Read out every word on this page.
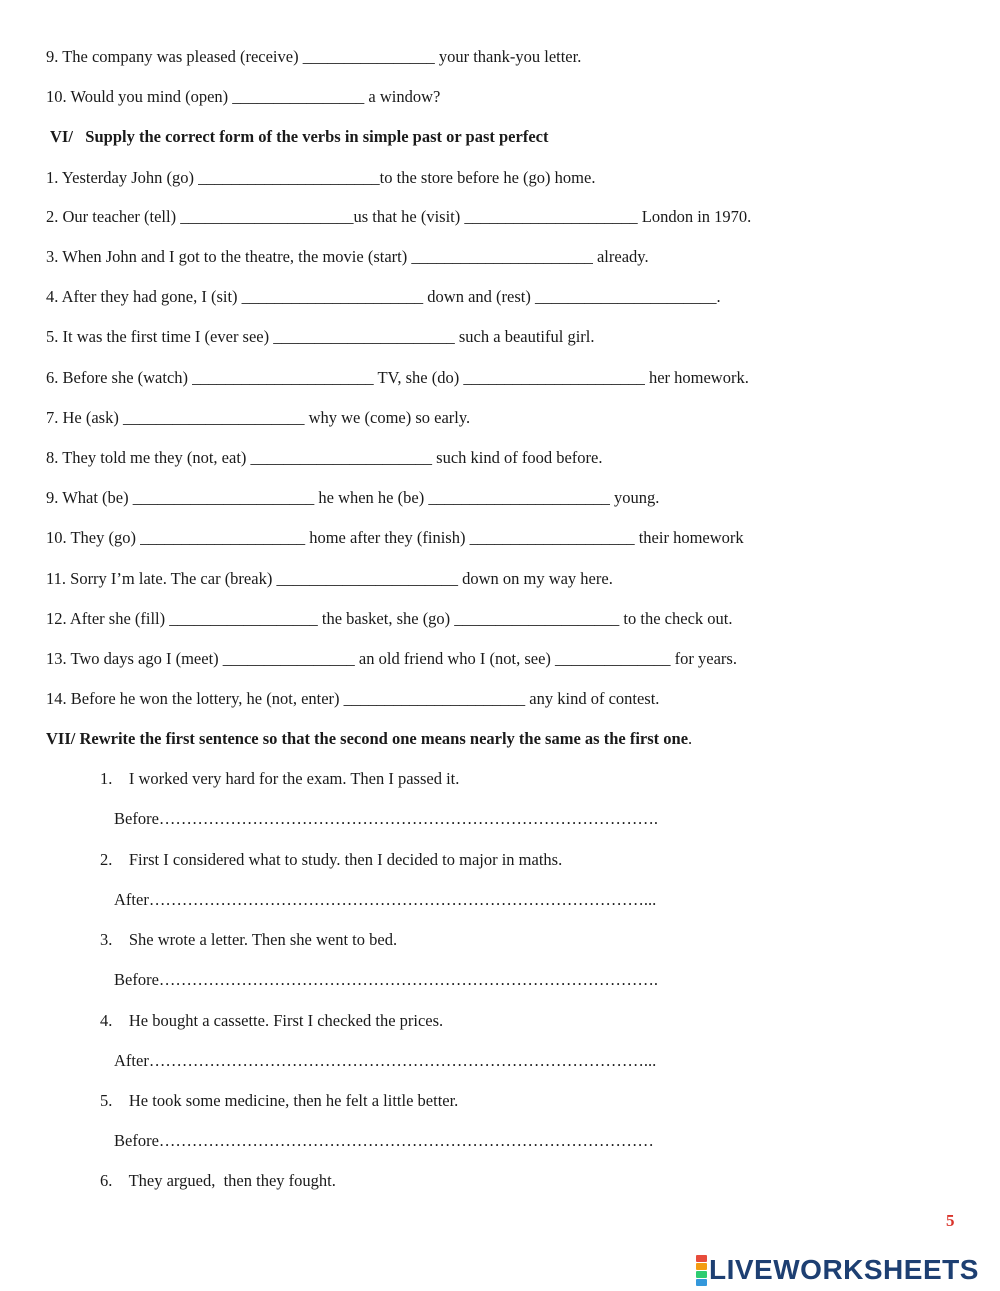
9. The company was pleased (receive) ________________ your thank-you letter.
10. Would you mind (open) ________________ a window?
VI/   Supply the correct form of the verbs in simple past or past perfect
1. Yesterday John (go) ______________________to the store before he (go) home.
2. Our teacher (tell) _____________________us that he (visit) _____________________ London in 1970.
3. When John and I got to the theatre, the movie (start) ______________________ already.
4. After they had gone, I (sit) ______________________ down and (rest) ______________________.
5. It was the first time I (ever see) ______________________ such a beautiful girl.
6. Before she (watch) ______________________ TV, she (do) ______________________ her homework.
7. He (ask) ______________________ why we (come) so early.
8. They told me they (not, eat) ______________________ such kind of food before.
9. What (be) ______________________ he when he (be) ______________________ young.
10. They (go) ____________________ home after they (finish) ____________________ their homework
11. Sorry I’m late. The car (break) ______________________ down on my way here.
12. After she (fill) __________________ the basket, she (go) ____________________ to the check out.
13. Two days ago I (meet) ________________ an old friend who I (not, see) ______________ for years.
14. Before he won the lottery, he (not, enter) ______________________ any kind of contest.
VII/ Rewrite the first sentence so that the second one means nearly the same as the first one.
1.    I worked very hard for the exam. Then I passed it.
Before……………………………………………………………………………….
2.    First I considered what to study. then I decided to major in maths.
After………………………………………………………………………………...
3.    She wrote a letter. Then she went to bed.
Before……………………………………………………………………………….
4.    He bought a cassette. First I checked the prices.
After………………………………………………………………………………...
5.    He took some medicine, then he felt a little better.
Before………………………………………………………………………………
6.    They argued,  then they fought.
5
LIVEWORKSHEETS
